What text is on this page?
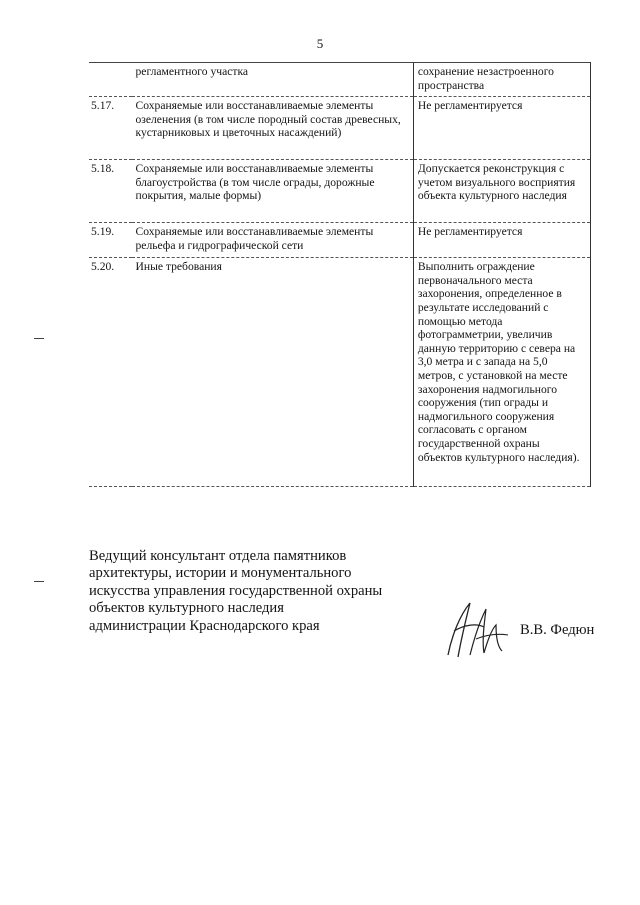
5
	регламентного участка	сохранение незастроенного пространства
5.17.	Сохраняемые или восстанавливаемые элементы озеленения (в том числе породный состав древесных, кустарниковых и цветочных насаждений)	Не регламентируется
5.18.	Сохраняемые или восстанавливаемые элементы благоустройства (в том числе ограды, дорожные покрытия, малые формы)	Допускается реконструкция с учетом визуального восприятия объекта культурного наследия
5.19.	Сохраняемые или восстанавливаемые элементы рельефа и гидрографической сети	Не регламентируется
5.20.	Иные требования	Выполнить ограждение первоначального места захоронения, определенное в результате исследований с помощью метода фотограмметрии, увеличив данную территорию с севера на 3,0 метра и с запада на 5,0 метров, с установкой на месте захоронения надмогильного сооружения (тип ограды и надмогильного сооружения согласовать с органом государственной охраны объектов культурного наследия).
Ведущий консультант отдела памятников
архитектуры, истории и монументального
искусства управления государственной охраны
объектов культурного наследия
администрации Краснодарского края	В.В. Федюн
